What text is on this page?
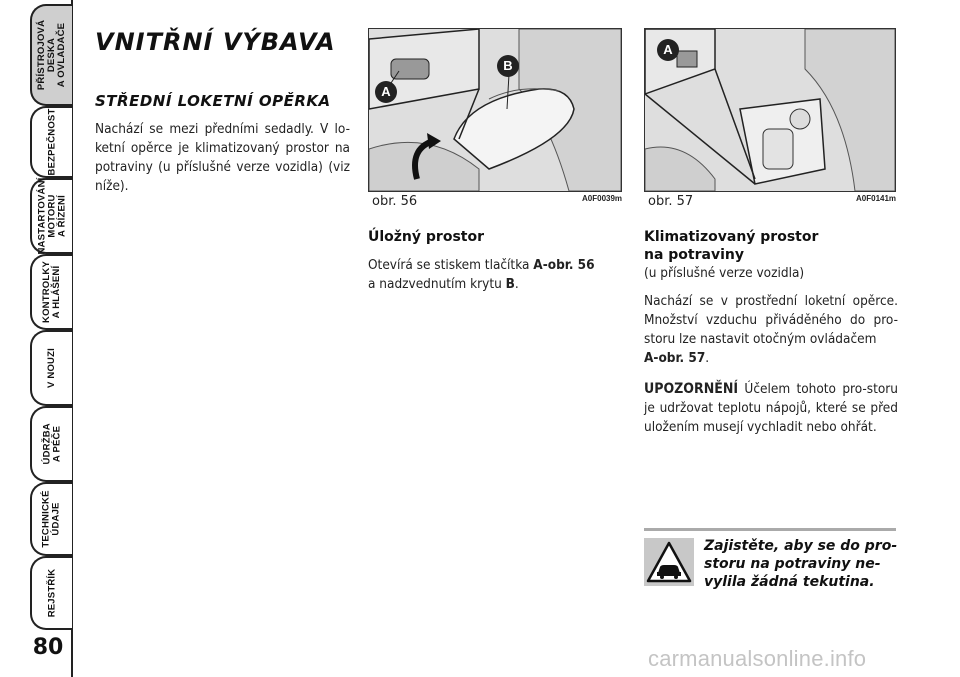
PŘÍSTROJOVÁ
DESKA
A OVLADAČE
BEZPEČNOST
NASTARTOVÁNÍ
MOTORU
A ŘÍZENÍ
KONTROLKY
A HLÁŠENÍ
V NOUZI
ÚDRŽBA A PÉČE
TECHNICKÉ
ÚDAJE
REJSTŘÍK
80
VNITŘNÍ VÝBAVA
STŘEDNÍ LOKETNÍ OPĚRKA
Nachází se mezi předními sedadly. V lo-ketní opěrce je klimatizovaný prostor na potraviny (u příslušné verze vozidla) (viz níže).
A
B
obr. 56	A0F0039m
A
obr. 57	A0F0141m
Úložný prostor
Otevírá se stiskem tlačítka A-obr. 56
a nadzvednutím krytu B.
Klimatizovaný prostor
na potraviny
(u příslušné verze vozidla)
Nachází se v prostřední loketní opěrce. Množství vzduchu přiváděného do pro-storu lze nastavit otočným ovládačem
A-obr. 57.
UPOZORNĚNÍ Účelem tohoto pro-storu je udržovat teplotu nápojů, které se před uložením musejí vychladit nebo ohřát.
Zajistěte, aby se do pro-storu na potraviny ne-vylila žádná tekutina.
carmanualsonline.info
